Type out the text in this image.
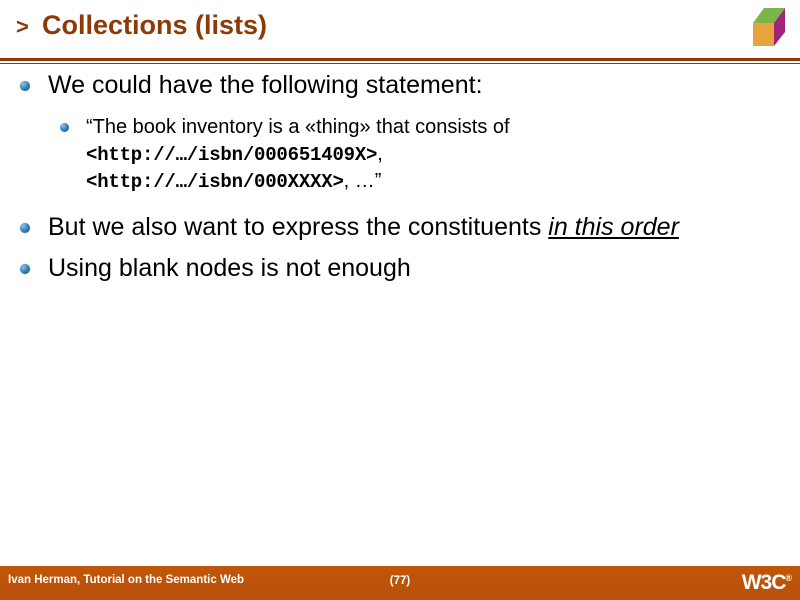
> Collections (lists)
We could have the following statement:
“The book inventory is a «thing» that consists of
<http://…/isbn/000651409X>,
<http://…/isbn/000XXXX>, …”
But we also want to express the constituents in this order
Using blank nodes is not enough
Ivan Herman, Tutorial on the Semantic Web	(77)	W3C®
